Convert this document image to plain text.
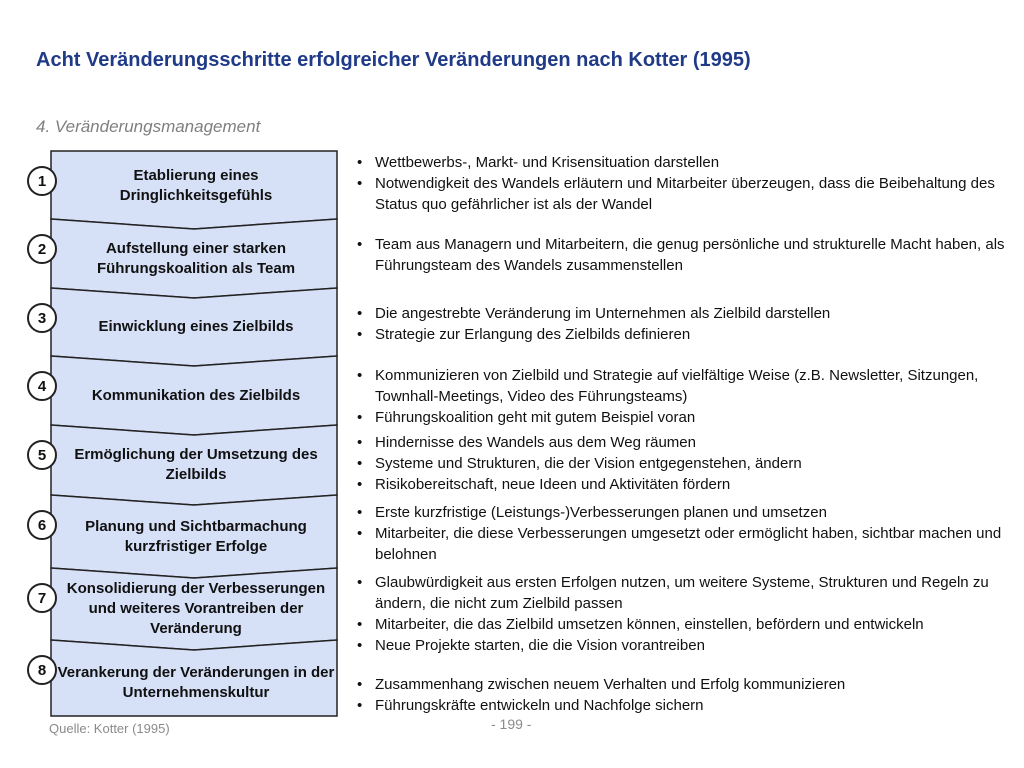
Acht Veränderungsschritte erfolgreicher Veränderungen nach Kotter (1995)
4. Veränderungsmanagement
Etablierung eines Dringlichkeitsgefühls
1
• Wettbewerbs-, Markt- und Krisensituation darstellen
• Notwendigkeit des Wandels erläutern und Mitarbeiter überzeugen, dass die Beibehaltung des Status quo gefährlicher ist als der Wandel
Aufstellung einer starken Führungskoalition als Team
2	• Team aus Managern und Mitarbeitern, die genug persönliche und strukturelle Macht haben, als Führungsteam des Wandels zusammenstellen
Einwicklung eines Zielbilds
3	• Die angestrebte Veränderung im Unternehmen als Zielbild darstellen
• Strategie zur Erlangung des Zielbilds definieren
Kommunikation des Zielbilds
4
• Kommunizieren von Zielbild und Strategie auf vielfältige Weise (z.B. Newsletter, Sitzungen, Townhall-Meetings, Video des Führungsteams)
• Führungskoalition geht mit gutem Beispiel voran
Ermöglichung der Umsetzung des Zielbilds
5
• Hindernisse des Wandels aus dem Weg räumen
• Systeme und Strukturen, die der Vision entgegenstehen, ändern
• Risikobereitschaft, neue Ideen und Aktivitäten fördern
Planung und Sichtbarmachung kurzfristiger Erfolge
6
• Erste kurzfristige (Leistungs-)Verbesserungen planen und umsetzen
• Mitarbeiter, die diese Verbesserungen umgesetzt oder ermöglicht haben, sichtbar machen und belohnen
Konsolidierung der Verbesserungen und weiteres Vorantreiben der Veränderung
7
• Glaubwürdigkeit aus ersten Erfolgen nutzen, um weitere Systeme, Strukturen und Regeln zu ändern, die nicht zum Zielbild passen
• Mitarbeiter, die das Zielbild umsetzen können, einstellen, befördern und entwickeln
• Neue Projekte starten, die die Vision vorantreiben
Verankerung der Veränderungen in der Unternehmenskultur
8
• Zusammenhang zwischen neuem Verhalten und Erfolg kommunizieren
• Führungskräfte entwickeln und Nachfolge sichern
Quelle: Kotter (1995)	- 199 -
